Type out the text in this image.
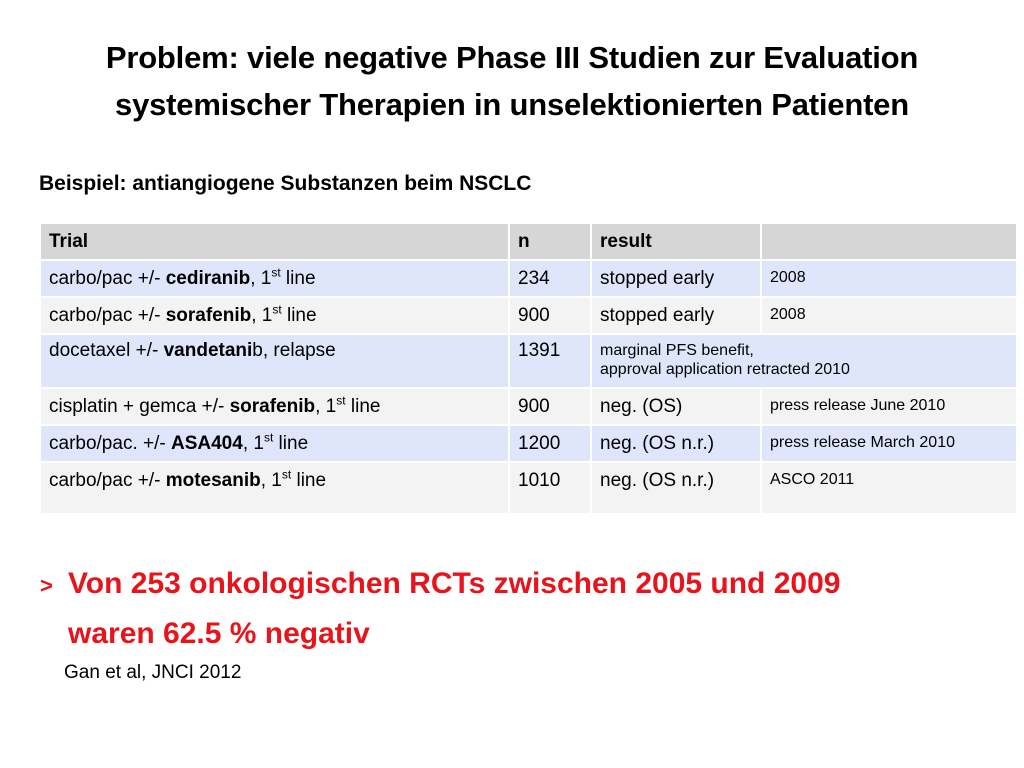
Problem: viele negative Phase III Studien zur Evaluation
systemischer Therapien in unselektionierten Patienten
Beispiel: antiangiogene Substanzen beim NSCLC
Trial	n	result	
carbo/pac +/- cediranib, 1st line	234	stopped early	2008

carbo/pac +/- sorafenib, 1st line	900	stopped early	2008

docetaxel +/- vandetanib, relapse	1391	marginal PFS benefit,
approval application retracted 2010	

cisplatin + gemca +/- sorafenib, 1st line	900	neg. (OS)	press release June 2010

carbo/pac. +/- ASA404, 1st line	1200	neg. (OS n.r.)	press release March 2010

carbo/pac +/- motesanib, 1st line	1010	neg. (OS n.r.)	ASCO 2011
> Von 253 onkologischen RCTs zwischen 2005 und 2009
waren 62.5 % negativ
Gan et al, JNCI 2012
